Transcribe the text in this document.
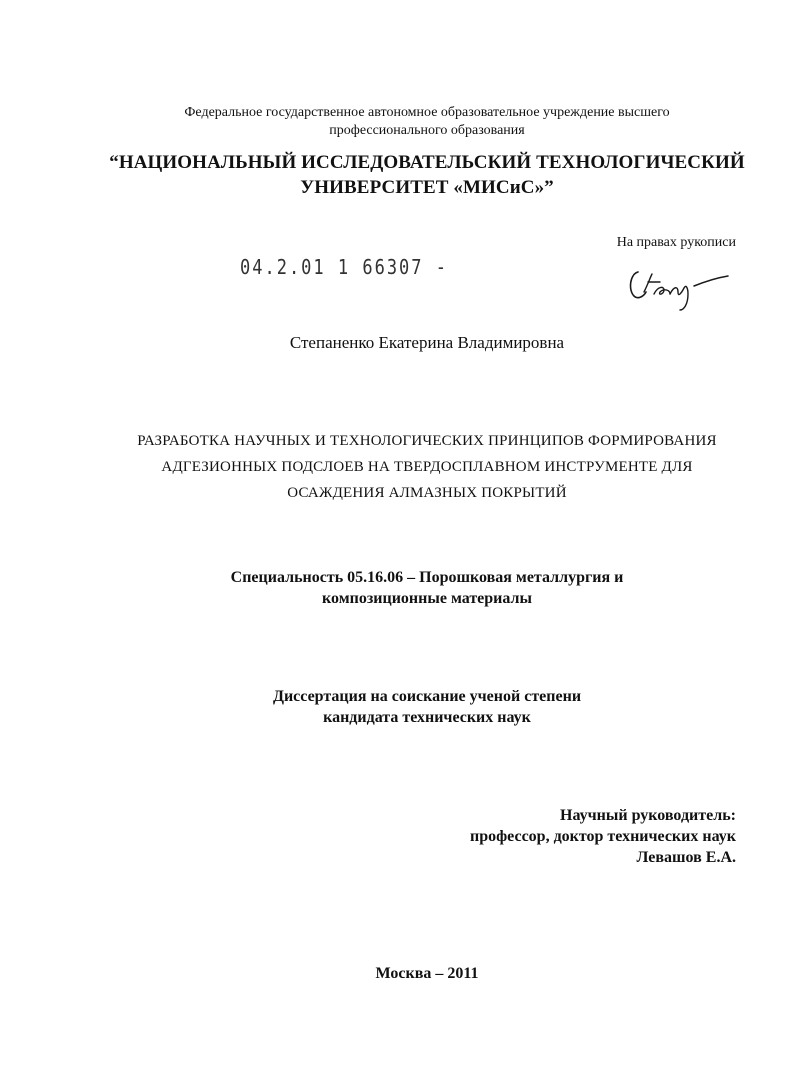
Федеральное государственное автономное образовательное учреждение высшего
профессионального образования
“НАЦИОНАЛЬНЫЙ ИССЛЕДОВАТЕЛЬСКИЙ ТЕХНОЛОГИЧЕСКИЙ
УНИВЕРСИТЕТ «МИСиС»”
На правах рукописи
04.2.01 1 66307 -
Степ
Степаненко Екатерина Владимировна
РАЗРАБОТКА НАУЧНЫХ И ТЕХНОЛОГИЧЕСКИХ ПРИНЦИПОВ ФОРМИРОВАНИЯ
АДГЕЗИОННЫХ ПОДСЛОЕВ НА ТВЕРДОСПЛАВНОМ ИНСТРУМЕНТЕ ДЛЯ
ОСАЖДЕНИЯ АЛМАЗНЫХ ПОКРЫТИЙ
Специальность 05.16.06 – Порошковая металлургия и
композиционные материалы
Диссертация на соискание ученой степени
кандидата технических наук
Научный руководитель:
профессор, доктор технических наук
Левашов Е.А.
Москва – 2011
